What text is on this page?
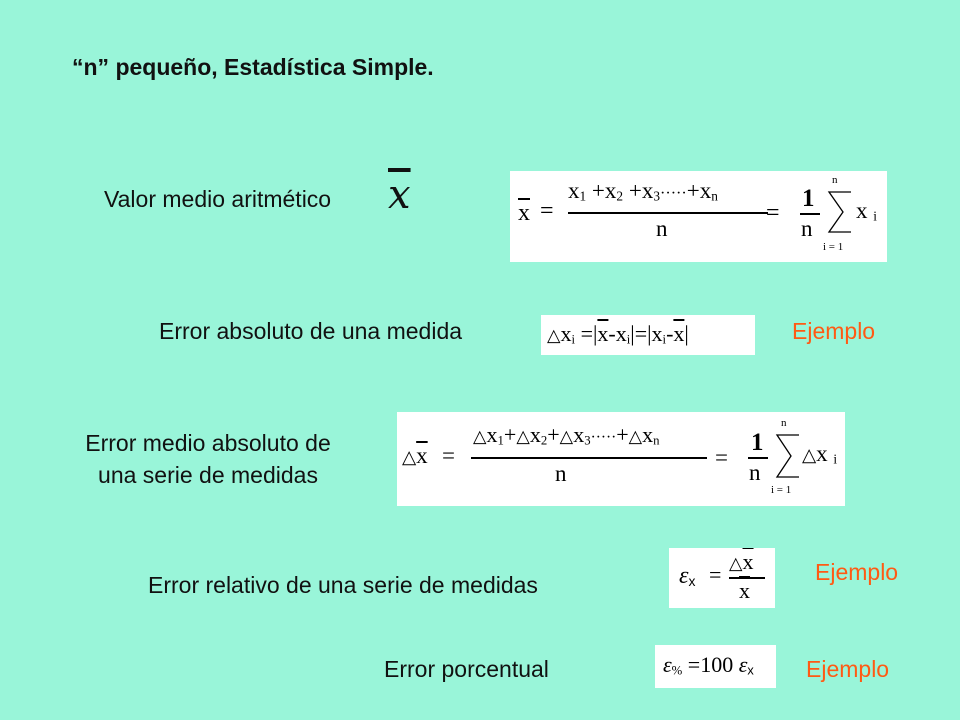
“n” pequeño, Estadística Simple.
Valor medio aritmético $\overline{x}$	$\overline{x}$ =
$x_1 +x_2 +x_3\cdot\cdot\cdot\cdot\cdot+x_n$
n
=
1
n
n
i = 1
x $_i$
Error absoluto de una medida	$\triangle x_i =|\overline{x}-x_i|=|x_i-\overline{x}|$	Ejemplo
Error medio absoluto de
una serie de medidas
$\triangle\overline{x}$ =
$\triangle x_1+\triangle x_2+\triangle x_3\cdot\cdot\cdot\cdot\cdot+\triangle x_n$
n
=
1
n
n
i = 1
△x $_i$
Error relativo de una serie de medidas	$\varepsilon_x$ = $\triangle\overline{x}$
$\overline{x}$
Ejemplo
Error porcentual	$\varepsilon_{\%} =100$ $\varepsilon_x$ Ejemplo
